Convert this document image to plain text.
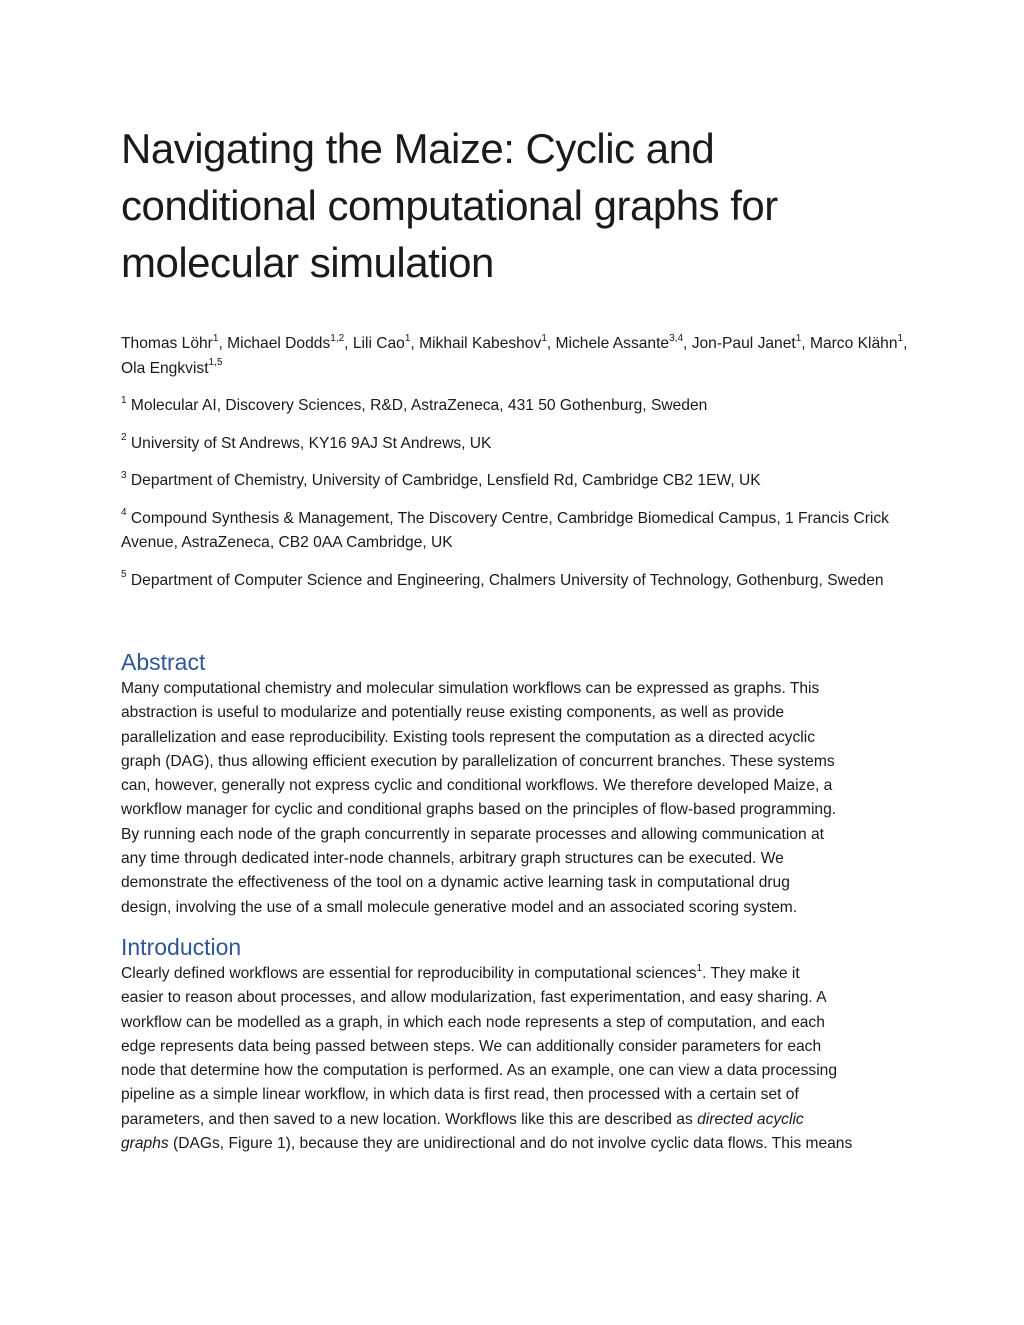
Navigating the Maize: Cyclic and
conditional computational graphs for
molecular simulation
Thomas Löhr$^1$, Michael Dodds$^{1,2}$, Lili Cao$^1$, Mikhail Kabeshov$^1$, Michele Assante$^{3,4}$, Jon-Paul Janet$^1$, Marco Klähn$^1$, Ola Engkvist$^{1,5}$
$^1$ Molecular AI, Discovery Sciences, R&D, AstraZeneca, 431 50 Gothenburg, Sweden
$^2$ University of St Andrews, KY16 9AJ St Andrews, UK
$^3$ Department of Chemistry, University of Cambridge, Lensfield Rd, Cambridge CB2 1EW, UK
$^4$ Compound Synthesis & Management, The Discovery Centre, Cambridge Biomedical Campus, 1 Francis Crick Avenue, AstraZeneca, CB2 0AA Cambridge, UK
$^5$ Department of Computer Science and Engineering, Chalmers University of Technology, Gothenburg, Sweden
Abstract

Many computational chemistry and molecular simulation workflows can be expressed as graphs. This
abstraction is useful to modularize and potentially reuse existing components, as well as provide
parallelization and ease reproducibility. Existing tools represent the computation as a directed acyclic
graph (DAG), thus allowing efficient execution by parallelization of concurrent branches. These systems
can, however, generally not express cyclic and conditional workflows. We therefore developed Maize, a
workflow manager for cyclic and conditional graphs based on the principles of flow-based programming.
By running each node of the graph concurrently in separate processes and allowing communication at
any time through dedicated inter-node channels, arbitrary graph structures can be executed. We
demonstrate the effectiveness of the tool on a dynamic active learning task in computational drug
design, involving the use of a small molecule generative model and an associated scoring system.

Introduction

Clearly defined workflows are essential for reproducibility in computational sciences$^1$. They make it
easier to reason about processes, and allow modularization, fast experimentation, and easy sharing. A
workflow can be modelled as a graph, in which each node represents a step of computation, and each
edge represents data being passed between steps. We can additionally consider parameters for each
node that determine how the computation is performed. As an example, one can view a data processing
pipeline as a simple linear workflow, in which data is first read, then processed with a certain set of
parameters, and then saved to a new location. Workflows like this are described as directed acyclic
graphs (DAGs, Figure 1), because they are unidirectional and do not involve cyclic data flows. This means
